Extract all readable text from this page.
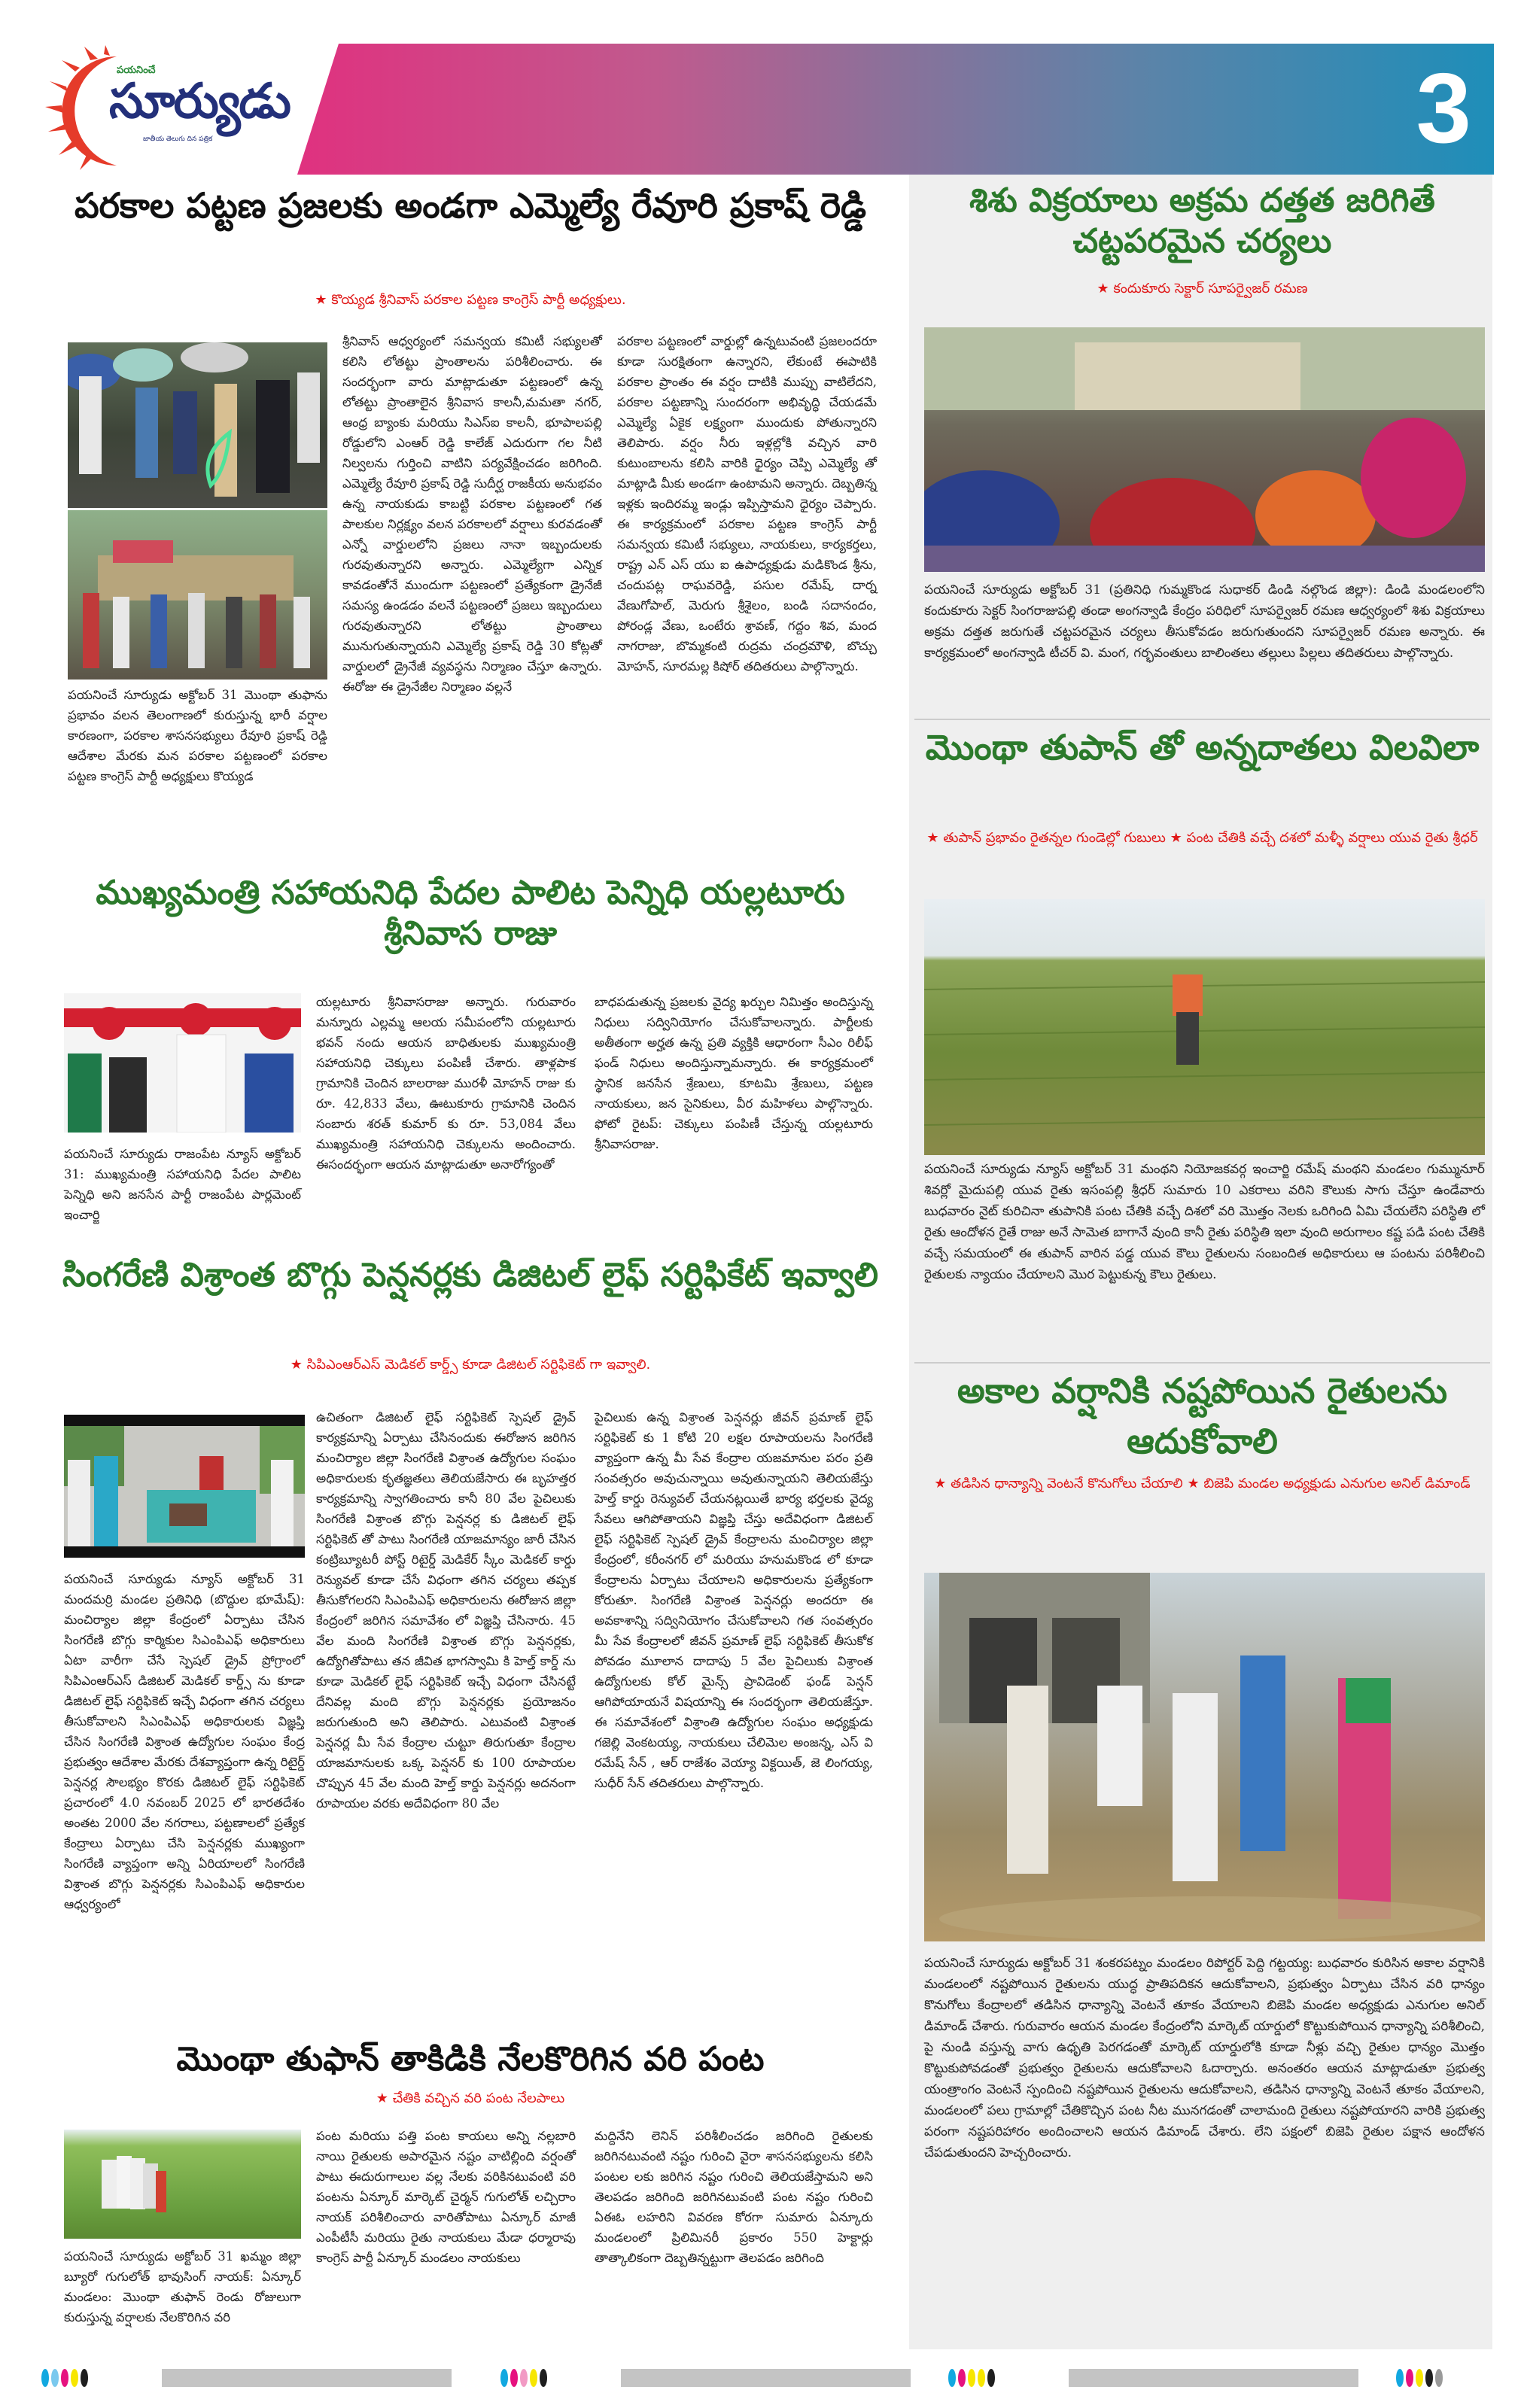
పయనించే
సూర్యుడు
జాతీయ తెలుగు దిన పత్రిక	3
పరకాల పట్టణ ప్రజలకు అండగా ఎమ్మెల్యే రేవూరి ప్రకాష్ రెడ్డి
★ కొయ్యడ శ్రీనివాస్ పరకాల పట్టణ కాంగ్రెస్ పార్టీ అధ్యక్షులు.

పయనించే సూర్యుడు అక్టోబర్ 31 మొంథా తుఫాను ప్రభావం వలన తెలంగాణలో కురుస్తున్న భారీ వర్షాల కారణంగా, పరకాల శాసనసభ్యులు రేవూరి ప్రకాష్ రెడ్డి ఆదేశాల మేరకు మన పరకాల పట్టణంలో పరకాల పట్టణ కాంగ్రెస్ పార్టీ అధ్యక్షులు కొయ్యడ

శ్రీనివాస్ ఆధ్వర్యంలో సమన్వయ కమిటీ సభ్యులతో కలిసి లోతట్టు ప్రాంతాలను పరిశీలించారు. ఈ సందర్భంగా వారు మాట్లాడుతూ పట్టణంలో ఉన్న లోతట్టు ప్రాంతాలైన శ్రీనివాస కాలనీ,మమతా నగర్, ఆంధ్ర బ్యాంకు మరియు సిఎస్ఐ కాలనీ, భూపాలపల్లి రోడ్డులోని ఎంఆర్ రెడ్డి కాలేజ్ ఎదురుగా గల నీటి నిల్వలను గుర్తించి వాటిని పర్యవేక్షించడం జరిగింది. ఎమ్మెల్యే రేవూరి ప్రకాష్ రెడ్డి సుదీర్ఘ రాజకీయ అనుభవం ఉన్న నాయకుడు కాబట్టి పరకాల పట్టణంలో గత పాలకుల నిర్లక్ష్యం వలన పరకాలలో వర్షాలు కురవడంతో ఎన్నో వార్డులలోని ప్రజలు నానా ఇబ్బందులకు గురవుతున్నారని అన్నారు. ఎమ్మెల్యేగా ఎన్నిక కావడంతోనే ముందుగా పట్టణంలో ప్రత్యేకంగా డ్రైనేజీ సమస్య ఉండడం వలనే పట్టణంలో ప్రజలు ఇబ్బందులు గురవుతున్నారని లోతట్టు ప్రాంతాలు మునుగుతున్నాయని ఎమ్మెల్యే ప్రకాష్ రెడ్డి 30 కోట్లతో వార్డులలో డ్రైనేజీ వ్యవస్థను నిర్మాణం చేస్తూ ఉన్నారు. ఈరోజు ఈ డ్రైనేజీల నిర్మాణం వల్లనే

పరకాల పట్టణంలో వార్డుల్లో ఉన్నటువంటి ప్రజలందరూ కూడా సురక్షితంగా ఉన్నారని, లేకుంటే ఈపాటికి పరకాల ప్రాంతం ఈ వర్షం దాటికి ముప్పు వాటిలేదని, పరకాల పట్టణాన్ని సుందరంగా అభివృద్ధి చేయడమే ఎమ్మెల్యే ఏకైక లక్ష్యంగా ముందుకు పోతున్నారని తెలిపారు. వర్షం నీరు ఇళ్లల్లోకి వచ్చిన వారి కుటుంబాలను కలిసి వారికి ధైర్యం చెప్పి ఎమ్మెల్యే తో మాట్లాడి మీకు అండగా ఉంటామని అన్నారు. దెబ్బతిన్న ఇళ్లకు ఇందిరమ్మ ఇండ్లు ఇప్పిస్తామని ధైర్యం చెప్పారు. ఈ కార్యక్రమంలో పరకాల పట్టణ కాంగ్రెస్ పార్టీ సమన్వయ కమిటీ సభ్యులు, నాయకులు, కార్యకర్తలు, రాష్ట్ర ఎన్ ఎస్ యు ఐ ఉపాధ్యక్షుడు మడికొండ శ్రీను, చందుపట్ల రాఘవరెడ్డి, పసుల రమేష్, దార్న వేణుగోపాల్, మెరుగు శ్రీశైలం, బండి సదానందం, పోరండ్ల వేణు, ఒంటేరు శ్రావణ్, గద్దం శివ, మంద నాగరాజు, బొమ్మకంటి రుద్రమ చంద్రమౌళి, బొచ్చు మోహన్, సూరమల్ల కిషోర్ తదితరులు పాల్గొన్నారు.

శిశు విక్రయాలు అక్రమ దత్తత జరిగితే చట్టపరమైన చర్యలు
★ కందుకూరు సెక్టార్ సూపర్వైజర్ రమణ

పయనించే సూర్యుడు అక్టోబర్ 31 (ప్రతినిధి గుమ్మకొండ సుధాకర్ డిండి నల్గొండ జిల్లా): డిండి మండలంలోని కందుకూరు సెక్టర్ సింగరాజుపల్లి తండా అంగన్వాడి కేంద్రం పరిధిలో సూపర్వైజర్ రమణ ఆధ్వర్యంలో శిశు విక్రయాలు అక్రమ దత్తత జరుగుతే చట్టపరమైన చర్యలు తీసుకోవడం జరుగుతుందని సూపర్వైజర్ రమణ అన్నారు. ఈ కార్యక్రమంలో అంగన్వాడి టీచర్ వి. మంగ, గర్భవంతులు బాలింతలు తల్లులు పిల్లలు తదితరులు పాల్గొన్నారు.

మొంథా తుపాన్ తో అన్నదాతలు విలవిలా
★ తుపాన్ ప్రభావం రైతన్నల గుండెల్లో గుబులు ★ పంట చేతికి వచ్చే దశలో మళ్ళీ వర్షాలు యువ రైతు శ్రీధర్

పయనించే సూర్యుడు న్యూస్ అక్టోబర్ 31 మంథని నియోజకవర్గ ఇంచార్జి రమేష్ మంథని మండలం గుమ్మునూర్ శివర్లో మైదుపల్లి యువ రైతు ఇసంపల్లి శ్రీధర్ సుమారు 10 ఎకరాలు వరిని కౌలుకు సాగు చేస్తూ ఉండేవారు బుధవారం నైట్ కురిచినా తుపానికి పంట చేతికి వచ్చే దిశలో వరి మొత్తం నెలకు ఒరిగింది ఏమి చేయలేని పరిస్థితి లో రైతు ఆందోళన రైతే రాజు అనే సామెత బాగానే వుంది కానీ రైతు పరిస్థితి ఇలా వుంది అరుగాలం కష్ట పడి పంట చేతికి వచ్చే సమయంలో ఈ తుపాన్ వారిన పడ్డ యువ కౌలు రైతులను సంబందిత అధికారులు ఆ పంటను పరిశీలించి రైతులకు న్యాయం చేయాలని మొర పెట్టుకున్న కౌలు రైతులు.

ముఖ్యమంత్రి సహాయనిధి పేదల పాలిట పెన్నిధి యల్లటూరు శ్రీనివాస రాజు

పయనించే సూర్యుడు రాజంపేట న్యూస్ అక్టోబర్ 31: ముఖ్యమంత్రి సహాయనిధి పేదల పాలిట పెన్నిధి అని జనసేన పార్టీ రాజంపేట పార్లమెంట్ ఇంచార్జి

యల్లటూరు శ్రీనివాసరాజు అన్నారు. గురువారం మన్నూరు ఎల్లమ్మ ఆలయ సమీపంలోని యల్లటూరు భవన్ నందు ఆయన బాధితులకు ముఖ్యమంత్రి సహాయనిధి చెక్కులు పంపిణీ చేశారు. తాళ్లపాక గ్రామానికి చెందిన బాలరాజు మురళీ మోహన్ రాజు కు రూ. 42,833 వేలు, ఊటుకూరు గ్రామానికి చెందిన సంబారు శరత్ కుమార్ కు రూ. 53,084 వేలు ముఖ్యమంత్రి సహాయనిధి చెక్కులను అందించారు. ఈసందర్భంగా ఆయన మాట్లాడుతూ అనారోగ్యంతో

బాధపడుతున్న ప్రజలకు వైద్య ఖర్చుల నిమిత్తం అందిస్తున్న నిధులు సద్వినియోగం చేసుకోవాలన్నారు. పార్టీలకు అతీతంగా అర్హత ఉన్న ప్రతి వ్యక్తికి ఆధారంగా సీఎం రిలీఫ్ ఫండ్ నిధులు అందిస్తున్నామన్నారు. ఈ కార్యక్రమంలో స్థానిక జనసేన శ్రేణులు, కూటమి శ్రేణులు, పట్టణ నాయకులు, జన సైనికులు, వీర మహిళలు పాల్గొన్నారు. ఫోటో రైటప్: చెక్కులు పంపిణీ చేస్తున్న యల్లటూరు శ్రీనివాసరాజు.

సింగరేణి విశ్రాంత బొగ్గు పెన్షనర్లకు డిజిటల్ లైఫ్ సర్టిఫికేట్ ఇవ్వాలి
★ సిపిఎంఆర్ఎస్ మెడికల్ కార్డ్స్ కూడా డిజిటల్ సర్టిఫికెట్ గా ఇవ్వాలి.

పయనించే సూర్యుడు న్యూస్ అక్టోబర్ 31 మందమర్రి మండల ప్రతినిధి (బొద్దుల భూమేష్): మంచిర్యాల జిల్లా కేంద్రంలో ఏర్పాటు చేసిన సింగరేణి బొగ్గు కార్మికుల సిఎంపిఎఫ్ అధికారులు ఏటా వారీగా చేసే స్పెషల్ డ్రైవ్ ప్రోగ్రాంలో సిపిఎంఆర్ఎస్ డిజిటల్ మెడికల్ కార్డ్స్ ను కూడా డిజిటల్ లైఫ్ సర్టిఫికెట్ ఇచ్చే విధంగా తగిన చర్యలు తీసుకోవాలని సిఎంపిఎఫ్ అధికారులకు విజ్ఞప్తి చేసిన సింగరేణి విశ్రాంత ఉద్యోగుల సంఘం కేంద్ర ప్రభుత్వం ఆదేశాల మేరకు దేశవ్యాప్తంగా ఉన్న రిటైర్డ్ పెన్షనర్ల సౌలభ్యం కొరకు డిజిటల్ లైఫ్ సర్టిఫికెట్ ప్రచారంలో 4.0 నవంబర్ 2025 లో భారతదేశం అంతట 2000 వేల నగరాలు, పట్టణాలలో ప్రత్యేక కేంద్రాలు ఏర్పాటు చేసి పెన్షనర్లకు ముఖ్యంగా సింగరేణి వ్యాప్తంగా అన్ని ఏరియాలలో సింగరేణి విశ్రాంత బొగ్గు పెన్షనర్లకు సిఎంపిఎఫ్ అధికారుల ఆధ్వర్యంలో

ఉచితంగా డిజిటల్ లైఫ్ సర్టిఫికెట్ స్పెషల్ డ్రైవ్ కార్యక్రమాన్ని ఏర్పాటు చేసినందుకు ఈరోజున జరిగిన మంచిర్యాల జిల్లా సింగరేణి విశ్రాంత ఉద్యోగుల సంఘం అధికారులకు కృతజ్ఞతలు తెలియజేసారు ఈ బృహత్తర కార్యక్రమాన్ని స్వాగతించారు కానీ 80 వేల పైచిలుకు సింగరేణి విశ్రాంత బొగ్గు పెన్షనర్ల కు డిజిటల్ లైఫ్ సర్టిఫికెట్ తో పాటు సింగరేణి యాజమాన్యం జారీ చేసిన కంట్రిబ్యూటరీ పోస్ట్ రిటైర్డ్ మెడికేర్ స్కీం మెడికల్ కార్డు రెన్యువల్ కూడా చేసే విధంగా తగిన చర్యలు తప్పక తీసుకోగలరని సిఎంపిఎఫ్ అధికారులను ఈరోజున జిల్లా కేంద్రంలో జరిగిన సమావేశం లో విజ్ఞప్తి చేసినారు. 45 వేల మంది సింగరేణి విశ్రాంత బొగ్గు పెన్షనర్లకు, ఉద్యోగితోపాటు తన జీవిత భాగస్వామి కి హెల్త్ కార్డ్ ను కూడా మెడికల్ లైఫ్ సర్టిఫికెట్ ఇచ్చే విధంగా చేసినట్టే దేనివల్ల మంది బొగ్గు పెన్షనర్లకు ప్రయోజనం జరుగుతుంది అని తెలిపారు. ఎటువంటి విశ్రాంత పెన్షనర్ల మీ సేవ కేంద్రాల చుట్టూ తిరుగుతూ కేంద్రాల యాజమానులకు ఒక్క పెన్షనర్ కు 100 రూపాయల చొప్పున 45 వేల మంది హెల్త్ కార్డు పెన్షనర్లు అదనంగా రూపాయల వరకు అదేవిధంగా 80 వేల

పైచిలుకు ఉన్న విశ్రాంత పెన్షనర్లు జీవన్ ప్రమాణ్ లైఫ్ సర్టిఫికెట్ కు 1 కోటి 20 లక్షల రూపాయలను సింగరేణి వ్యాప్తంగా ఉన్న మీ సేవ కేంద్రాల యజమానుల పరం ప్రతి సంవత్సరం అవుచున్నాయి అవుతున్నాయని తెలియజేస్తు హెల్త్ కార్డు రెన్యువల్ చేయనట్లయితే భార్య భర్తలకు వైద్య సేవలు ఆగిపోతాయని విజ్ఞప్తి చేస్తు అదేవిధంగా డిజిటల్ లైఫ్ సర్టిఫికెట్ స్పెషల్ డ్రైవ్ కేంద్రాలను మంచిర్యాల జిల్లా కేంద్రంలో, కరీంనగర్ లో మరియు హనుమకొండ లో కూడా కేంద్రాలను ఏర్పాటు చేయాలని అధికారులను ప్రత్యేకంగా కోరుతూ. సింగరేణి విశ్రాంత పెన్షనర్లు అందరూ ఈ అవకాశాన్ని సద్వినియోగం చేసుకోవాలని గత సంవత్సరం మీ సేవ కేంద్రాలలో జీవన్ ప్రమాణ్ లైఫ్ సర్టిఫికెట్ తీసుకోక పోవడం మూలాన దాదాపు 5 వేల పైచిలుకు విశ్రాంత ఉద్యోగులకు కోల్ మైన్స్ ప్రావిడెంట్ ఫండ్ పెన్షన్ ఆగిపోయాయనే విషయాన్ని ఈ సందర్భంగా తెలియజేస్తూ. ఈ సమావేశంలో విశ్రాంతి ఉద్యోగుల సంఘం అధ్యక్షుడు గజెల్లి వెంకటయ్య, నాయకులు చేలిమెల అంజన్న, ఎస్ వి రమేష్ సేన్ , ఆర్ రాజేశం వెయ్యా విక్టయిత్, జె లింగయ్య, సుధీర్ సేన్ తదితరులు పాల్గొన్నారు.

అకాల వర్షానికి నష్టపోయిన రైతులను ఆదుకోవాలి
★ తడిసిన ధాన్యాన్ని వెంటనే కొనుగోలు చేయాలి ★ బిజెపి మండల అధ్యక్షుడు ఎనుగుల అనిల్ డిమాండ్

పయనించే సూర్యుడు అక్టోబర్ 31 శంకరపట్నం మండలం రిపోర్టర్ పెద్ది గట్టయ్య: బుధవారం కురిసిన అకాల వర్షానికి మండలంలో నష్టపోయిన రైతులను యుద్ధ ప్రాతిపదికన ఆదుకోవాలని, ప్రభుత్వం ఏర్పాటు చేసిన వరి ధాన్యం కొనుగోలు కేంద్రాలలో తడిసిన ధాన్యాన్ని వెంటనే తూకం వేయాలని బిజెపి మండల అధ్యక్షుడు ఎనుగుల అనిల్ డిమాండ్ చేశారు. గురువారం ఆయన మండల కేంద్రంలోని మార్కెట్ యార్డులో కొట్టుకుపోయిన ధాన్యాన్ని పరిశీలించి, పై నుండి వస్తున్న వాగు ఉధృతి పెరగడంతో మార్కెట్ యార్డులోకి కూడా నీళ్లు వచ్చి రైతుల ధాన్యం మొత్తం కొట్టుకుపోవడంతో ప్రభుత్వం రైతులను ఆదుకోవాలని ఓదార్చారు. అనంతరం ఆయన మాట్లాడుతూ ప్రభుత్వ యంత్రాంగం వెంటనే స్పందించి నష్టపోయిన రైతులను ఆదుకోవాలని, తడిసిన ధాన్యాన్ని వెంటనే తూకం వేయాలని, మండలంలో పలు గ్రామాల్లో చేతికొచ్చిన పంట నీట మునగడంతో చాలామంది రైతులు నష్టపోయారని వారికి ప్రభుత్వ పరంగా నష్టపరిహారం అందించాలని ఆయన డిమాండ్ చేశారు. లేని పక్షంలో బిజెపి రైతుల పక్షాన ఆందోళన చేపడుతుందని హెచ్చరించారు.

మొంథా తుఫాన్ తాకిడికి నేలకొరిగిన వరి పంట
★ చేతికి వచ్చిన వరి పంట నేలపాలు

పయనించే సూర్యుడు అక్టోబర్ 31 ఖమ్మం జిల్లా బ్యూరో గుగులోత్ భావుసింగ్ నాయక్: ఏన్కూర్ మండలం: మొంథా తుఫాన్ రెండు రోజులుగా కురుస్తున్న వర్షాలకు నేలకొరిగిన వరి

పంట మరియు పత్తి పంట కాయలు అన్ని నల్లబారి నాయి రైతులకు అపారమైన నష్టం వాటిల్లింది వర్షంతో పాటు ఈదురుగాలుల వల్ల నేలకు వరికినటువంటి వరి పంటను ఏన్కూర్ మార్కెట్ చైర్మన్ గుగులోత్ లచ్చిరాం నాయక్ పరిశీలించారు వారితోపాటు ఏన్కూర్ మాజీ ఎంపీటీసీ మరియు రైతు నాయకులు మేడా ధర్మారావు కాంగ్రెస్ పార్టీ ఏన్కూర్ మండలం నాయకులు

మద్దినేని లెనిన్ పరిశీలించడం జరిగింది రైతులకు జరిగినటువంటి నష్టం గురించి వైరా శాసనసభ్యులను కలిసి పంటల లకు జరిగిన నష్టం గురించి తెలియజేస్తామని అని తెలపడం జరిగింది జరిగినటువంటి పంట నష్టం గురించి ఏఈఓ లహరిని వివరణ కోరగా సుమారు ఏన్కూరు మండలంలో ప్రిలిమినరీ ప్రకారం 550 హెక్టార్లు తాత్కాలికంగా దెబ్బతిన్నట్టుగా తెలపడం జరిగింది
